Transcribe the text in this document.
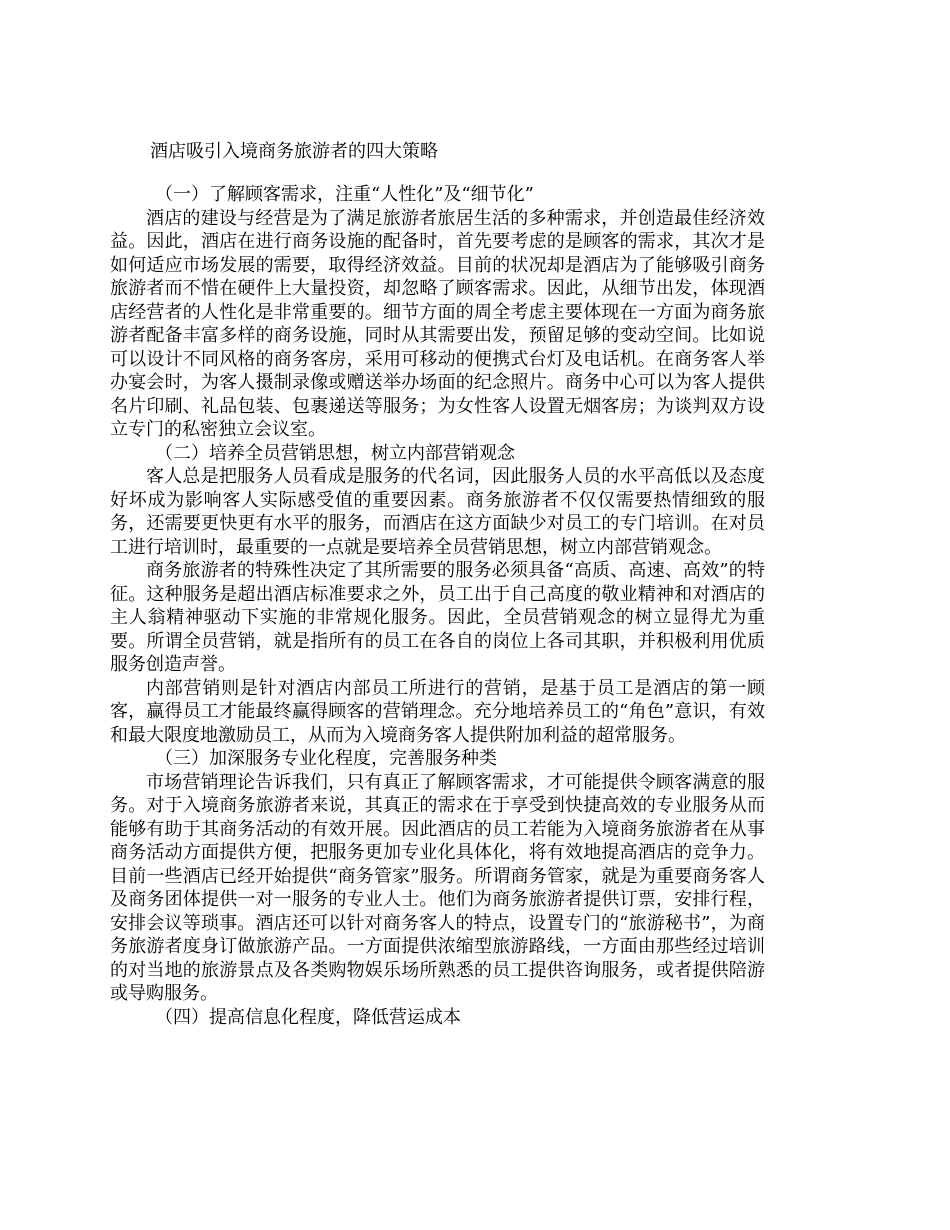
酒店吸引入境商务旅游者的四大策略

（一）了解顾客需求，注重“人性化”及“细节化”

酒店的建设与经营是为了满足旅游者旅居生活的多种需求，并创造最佳经济效益。因此，酒店在进行商务设施的配备时，首先要考虑的是顾客的需求，其次才是如何适应市场发展的需要，取得经济效益。目前的状况却是酒店为了能够吸引商务旅游者而不惜在硬件上大量投资，却忽略了顾客需求。因此，从细节出发，体现酒店经营者的人性化是非常重要的。细节方面的周全考虑主要体现在一方面为商务旅游者配备丰富多样的商务设施，同时从其需要出发，预留足够的变动空间。比如说可以设计不同风格的商务客房，采用可移动的便携式台灯及电话机。在商务客人举办宴会时，为客人摄制录像或赠送举办场面的纪念照片。商务中心可以为客人提供名片印刷、礼品包装、包裹递送等服务；为女性客人设置无烟客房；为谈判双方设立专门的私密独立会议室。

（二）培养全员营销思想，树立内部营销观念

客人总是把服务人员看成是服务的代名词，因此服务人员的水平高低以及态度好坏成为影响客人实际感受值的重要因素。商务旅游者不仅仅需要热情细致的服务，还需要更快更有水平的服务，而酒店在这方面缺少对员工的专门培训。在对员工进行培训时，最重要的一点就是要培养全员营销思想，树立内部营销观念。

商务旅游者的特殊性决定了其所需要的服务必须具备“高质、高速、高效”的特征。这种服务是超出酒店标准要求之外，员工出于自己高度的敬业精神和对酒店的主人翁精神驱动下实施的非常规化服务。因此，全员营销观念的树立显得尤为重要。所谓全员营销，就是指所有的员工在各自的岗位上各司其职，并积极利用优质服务创造声誉。

内部营销则是针对酒店内部员工所进行的营销，是基于员工是酒店的第一顾客，赢得员工才能最终赢得顾客的营销理念。充分地培养员工的“角色”意识，有效和最大限度地激励员工，从而为入境商务客人提供附加利益的超常服务。

（三）加深服务专业化程度，完善服务种类

市场营销理论告诉我们，只有真正了解顾客需求，才可能提供令顾客满意的服务。对于入境商务旅游者来说，其真正的需求在于享受到快捷高效的专业服务从而能够有助于其商务活动的有效开展。因此酒店的员工若能为入境商务旅游者在从事商务活动方面提供方便，把服务更加专业化具体化，将有效地提高酒店的竞争力。目前一些酒店已经开始提供“商务管家”服务。所谓商务管家，就是为重要商务客人及商务团体提供一对一服务的专业人士。他们为商务旅游者提供订票，安排行程，安排会议等琐事。酒店还可以针对商务客人的特点，设置专门的“旅游秘书”，为商务旅游者度身订做旅游产品。一方面提供浓缩型旅游路线，一方面由那些经过培训的对当地的旅游景点及各类购物娱乐场所熟悉的员工提供咨询服务，或者提供陪游或导购服务。

（四）提高信息化程度，降低营运成本
